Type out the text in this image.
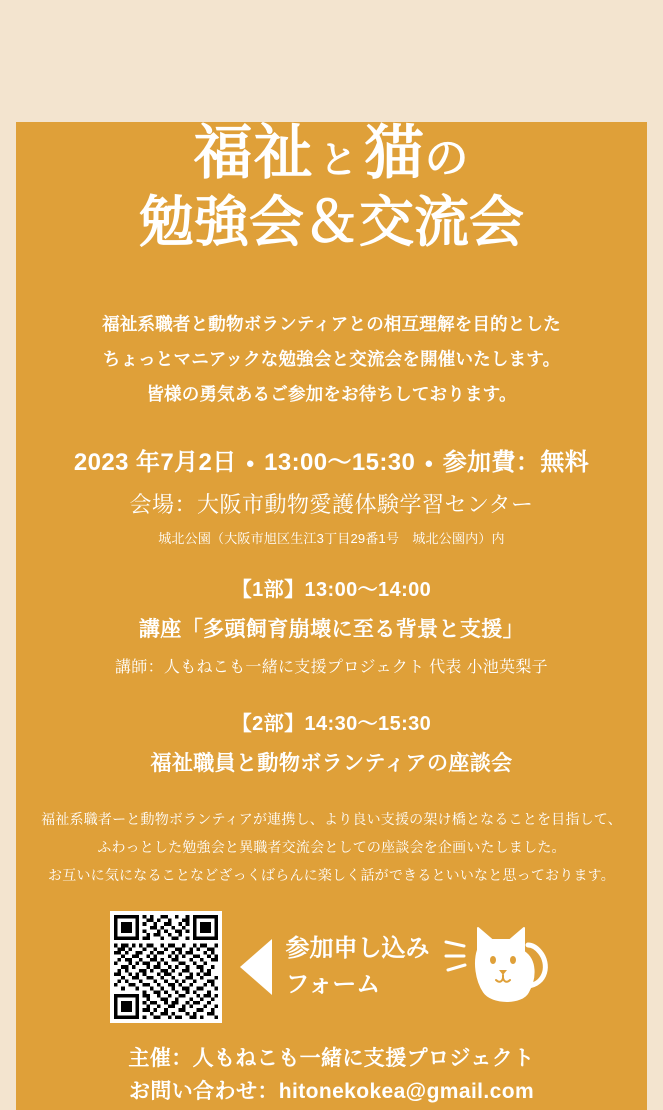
福祉 と 猫の
勉強会＆交流会
福祉系職者と動物ボランティアとの相互理解を目的とした
ちょっとマニアックな勉強会と交流会を開催いたします。
皆様の勇気あるご参加をお待ちしております。
2023 年7月2日 ● 13:00〜15:30 ● 参加費：無料
会場：大阪市動物愛護体験学習センター
城北公園（大阪市旭区生江3丁目29番1号　城北公園内）内
【1部】13:00〜14:00
講座「多頭飼育崩壊に至る背景と支援」
講師：人もねこも一緒に支援プロジェクト 代表 小池英梨子
【2部】14:30〜15:30
福祉職員と動物ボランティアの座談会
福祉系職者ーと動物ボランティアが連携し、より良い支援の架け橋となることを目指して、
ふわっとした勉強会と異職者交流会としての座談会を企画いたしました。
お互いに気になることなどざっくばらんに楽しく話ができるといいなと思っております。
参加申し込み
フォーム
主催：人もねこも一緒に支援プロジェクト
お問い合わせ：hitonekokea@gmail.com
